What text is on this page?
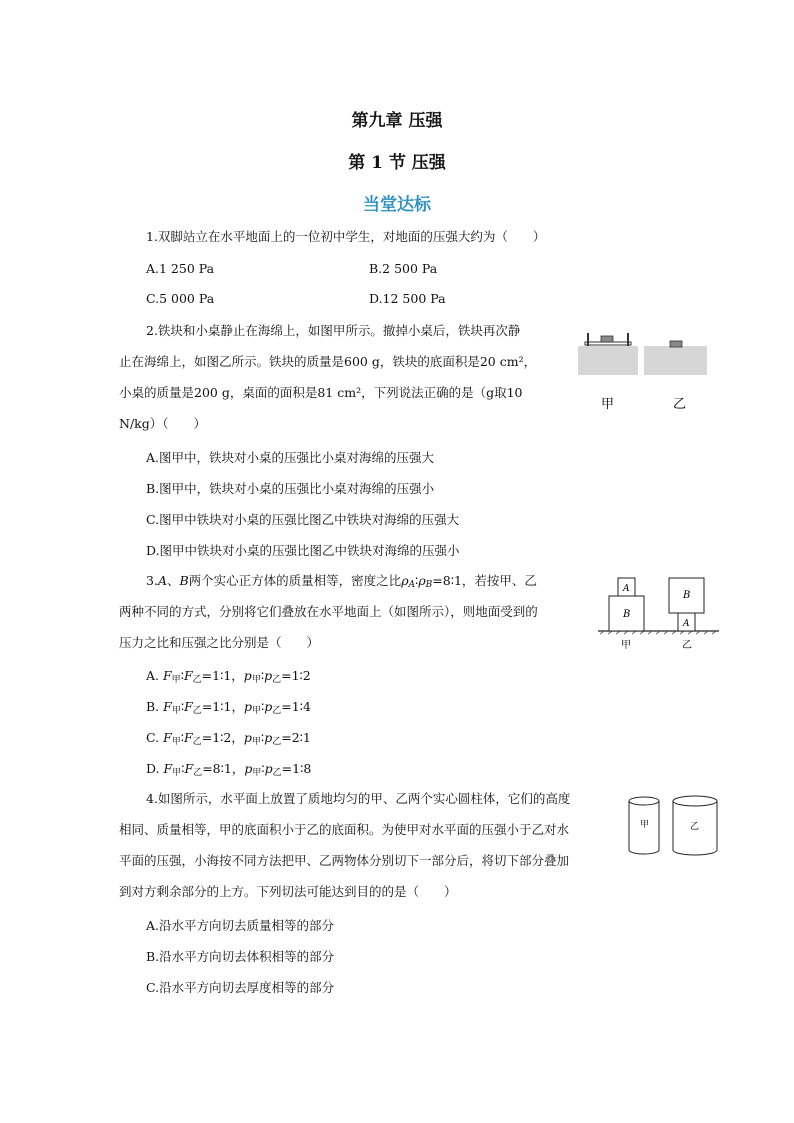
第九章 压强
第 1 节 压强
当堂达标
1.双脚站立在水平地面上的一位初中学生，对地面的压强大约为（　　）
A.1 250 Pa	B.2 500 Pa
C.5 000 Pa	D.12 500 Pa
2.铁块和小桌静止在海绵上，如图甲所示。撤掉小桌后，铁块再次静
止在海绵上，如图乙所示。铁块的质量是600 g，铁块的底面积是20 cm²，
小桌的质量是200 g，桌面的面积是81 cm²，下列说法正确的是（g取10
N/kg）（　　）
甲	乙
A.图甲中，铁块对小桌的压强比小桌对海绵的压强大
B.图甲中，铁块对小桌的压强比小桌对海绵的压强小
C.图甲中铁块对小桌的压强比图乙中铁块对海绵的压强大
D.图甲中铁块对小桌的压强比图乙中铁块对海绵的压强小
3.A、B两个实心正方体的质量相等，密度之比$\rho_A∶\rho_B=8∶1$，若按甲、乙
两种不同的方式，分别将它们叠放在水平地面上（如图所示），则地面受到的
压力之比和压强之比分别是（　　）
A
B
B
A
甲	乙
A. $F_甲∶F_乙=1∶1$，$p_甲∶p_乙=1∶2$
B. $F_甲∶F_乙=1∶1$，$p_甲∶p_乙=1∶4$
C. $F_甲∶F_乙=1∶2$，$p_甲∶p_乙=2∶1$
D. $F_甲∶F_乙=8∶1$，$p_甲∶p_乙=1∶8$
4.如图所示，水平面上放置了质地均匀的甲、乙两个实心圆柱体，它们的高度
相同、质量相等，甲的底面积小于乙的底面积。为使甲对水平面的压强小于乙对水
平面的压强，小海按不同方法把甲、乙两物体分别切下一部分后，将切下部分叠加
到对方剩余部分的上方。下列切法可能达到目的的是（　　）
甲	乙
A.沿水平方向切去质量相等的部分
B.沿水平方向切去体积相等的部分
C.沿水平方向切去厚度相等的部分
